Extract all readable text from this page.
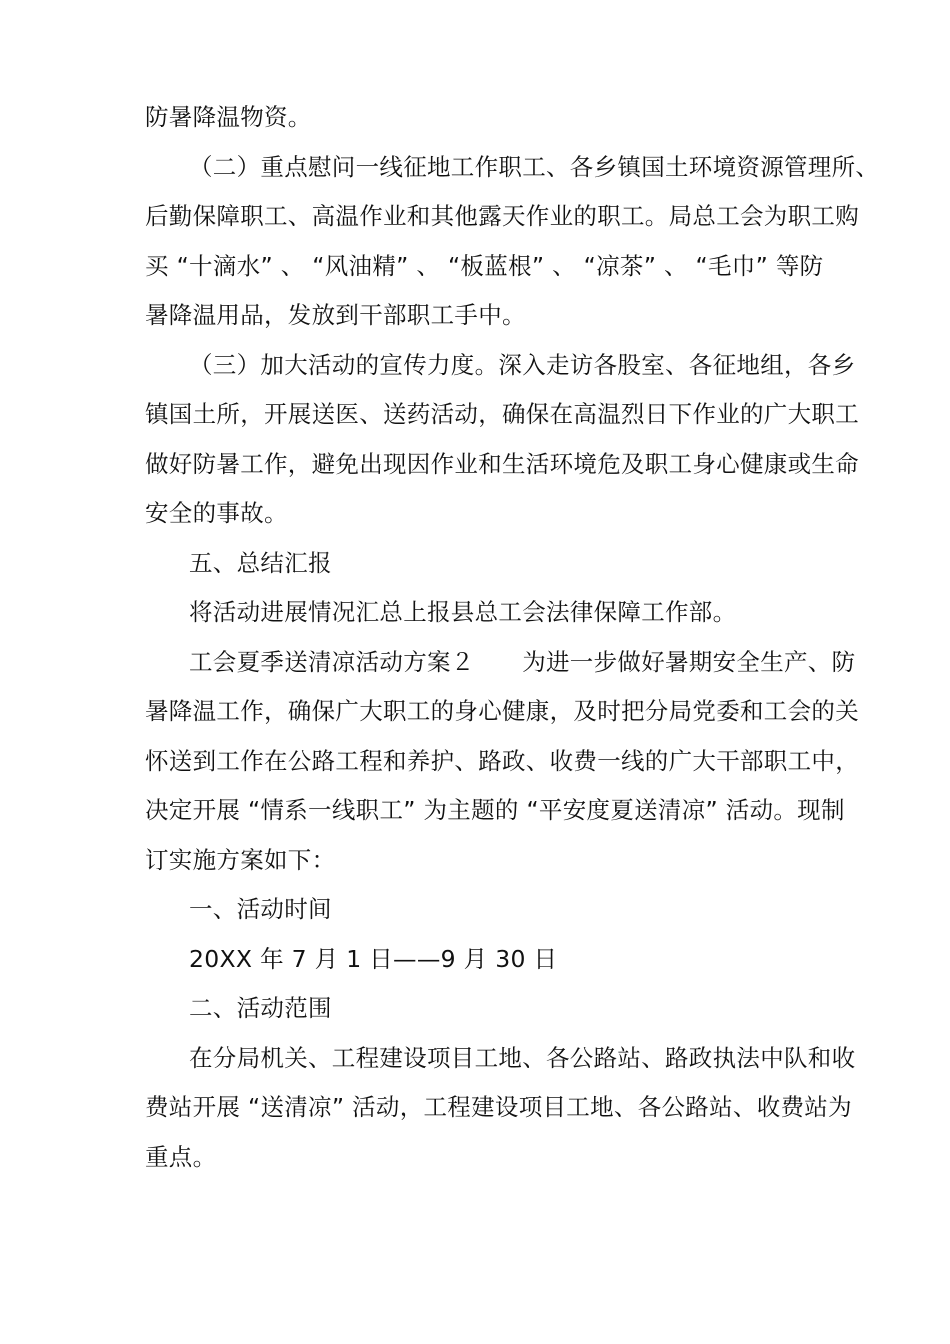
防暑降温物资。
（二）重点慰问一线征地工作职工、各乡镇国土环境资源管理所、
后勤保障职工、高温作业和其他露天作业的职工。局总工会为职工购
买 “十滴水” 、 “风油精” 、 “板蓝根” 、 “凉茶” 、 “毛巾” 等防
暑降温用品，发放到干部职工手中。
（三）加大活动的宣传力度。深入走访各股室、各征地组，各乡
镇国土所，开展送医、送药活动，确保在高温烈日下作业的广大职工
做好防暑工作，避免出现因作业和生活环境危及职工身心健康或生命
安全的事故。
五、总结汇报
将活动进展情况汇总上报县总工会法律保障工作部。
工会夏季送清凉活动方案２　　为进一步做好暑期安全生产、防
暑降温工作，确保广大职工的身心健康，及时把分局党委和工会的关
怀送到工作在公路工程和养护、路政、收费一线的广大干部职工中，
决定开展 “情系一线职工” 为主题的 “平安度夏送清凉” 活动。现制
订实施方案如下：
一、活动时间
20XX 年 7 月 1 日——9 月 30 日
二、活动范围
在分局机关、工程建设项目工地、各公路站、路政执法中队和收
费站开展 “送清凉” 活动，工程建设项目工地、各公路站、收费站为
重点。
